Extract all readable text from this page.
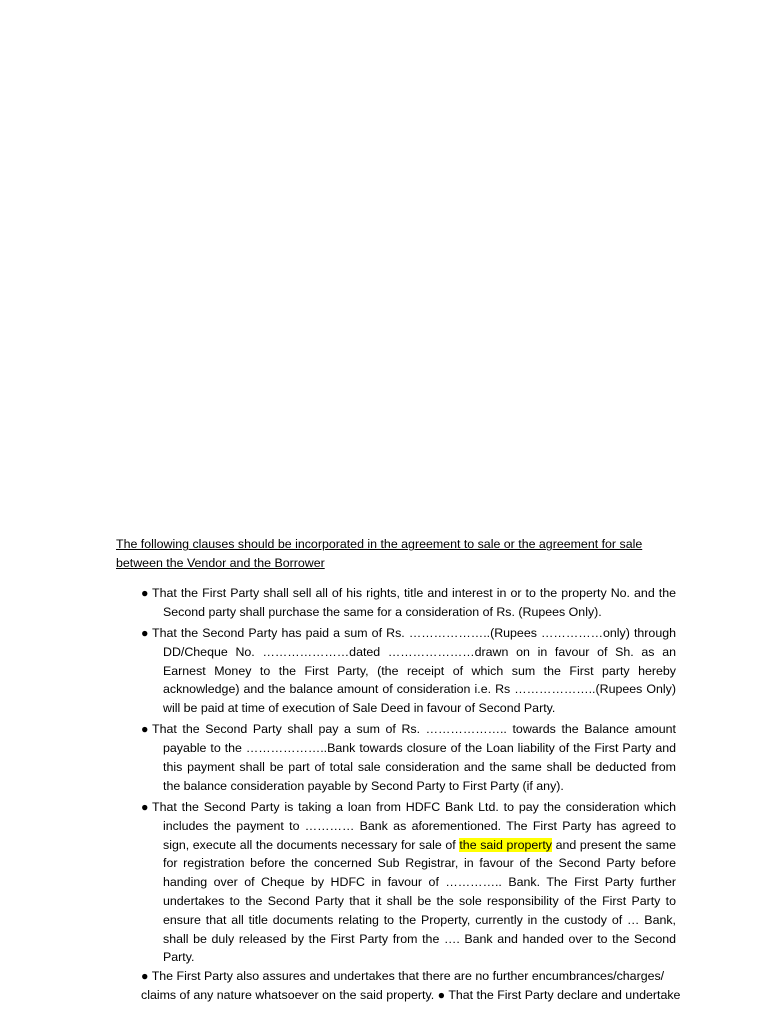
The following clauses should be incorporated in the agreement to sale or the agreement for sale between the Vendor and the Borrower

● That the First Party shall sell all of his rights, title and interest in or to the property No. and the Second party shall purchase the same for a consideration of Rs. (Rupees Only).
● That the Second Party has paid a sum of Rs. ………………..(Rupees ……………only) through DD/Cheque No. …………………dated …………………drawn on in favour of Sh. as an Earnest Money to the First Party, (the receipt of which sum the First party hereby acknowledge) and the balance amount of consideration i.e. Rs ………………..(Rupees Only) will be paid at time of execution of Sale Deed in favour of Second Party.
● That the Second Party shall pay a sum of Rs. ……………….. towards the Balance amount payable to the ………………..Bank towards closure of the Loan liability of the First Party and this payment shall be part of total sale consideration and the same shall be deducted from the balance consideration payable by Second Party to First Party (if any).
● That the Second Party is taking a loan from HDFC Bank Ltd. to pay the consideration which includes the payment to ………… Bank as aforementioned. The First Party has agreed to sign, execute all the documents necessary for sale of the said property and present the same for registration before the concerned Sub Registrar, in favour of the Second Party before handing over of Cheque by HDFC in favour of ………….. Bank. The First Party further undertakes to the Second Party that it shall be the sole responsibility of the First Party to ensure that all title documents relating to the Property, currently in the custody of … Bank, shall be duly released by the First Party from the …. Bank and handed over to the Second Party.

● The First Party also assures and undertakes that there are no further encumbrances/charges/
claims of any nature whatsoever on the said property. ● That the First Party declare and undertake
